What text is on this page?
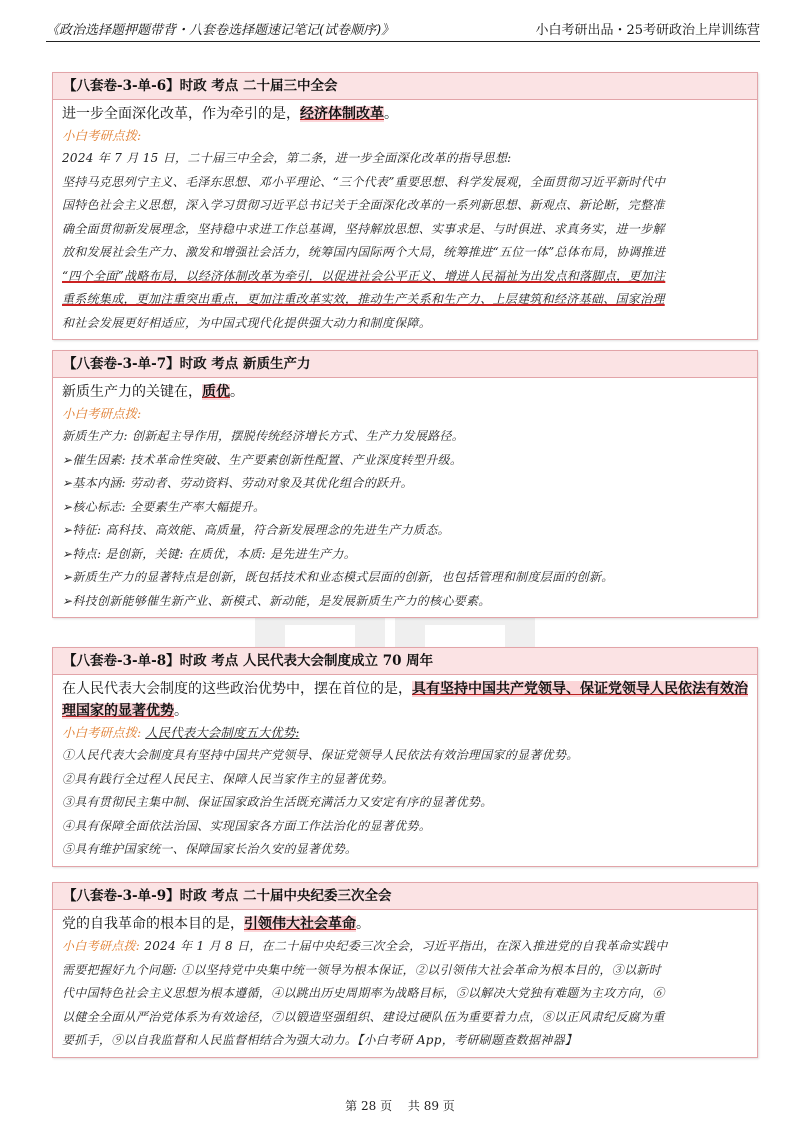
《政治选择题押题带背・八套卷选择题速记笔记(试卷顺序)》	小白考研出品・25考研政治上岸训练营
【八套卷-3-单-6】时政 考点 二十届三中全会
进一步全面深化改革，作为牵引的是，经济体制改革。
小白考研点拨:
2024 年 7 月 15 日，二十届三中全会，第二条，进一步全面深化改革的指导思想:
坚持马克思列宁主义、毛泽东思想、邓小平理论、“三个代表”重要思想、科学发展观，全面贯彻习近平新时代中
国特色社会主义思想，深入学习贯彻习近平总书记关于全面深化改革的一系列新思想、新观点、新论断，完整准
确全面贯彻新发展理念，坚持稳中求进工作总基调，坚持解放思想、实事求是、与时俱进、求真务实，进一步解
放和发展社会生产力、激发和增强社会活力，统筹国内国际两个大局，统筹推进“五位一体”总体布局，协调推进
“四个全面”战略布局，以经济体制改革为牵引，以促进社会公平正义、增进人民福祉为出发点和落脚点，更加注
重系统集成，更加注重突出重点，更加注重改革实效，推动生产关系和生产力、上层建筑和经济基础、国家治理
和社会发展更好相适应，为中国式现代化提供强大动力和制度保障。
【八套卷-3-单-7】时政 考点 新质生产力
新质生产力的关键在，质优。
小白考研点拨:
新质生产力: 创新起主导作用，摆脱传统经济增长方式、生产力发展路径。
➢催生因素: 技术革命性突破、生产要素创新性配置、产业深度转型升级。
➢基本内涵: 劳动者、劳动资料、劳动对象及其优化组合的跃升。
➢核心标志: 全要素生产率大幅提升。
➢特征: 高科技、高效能、高质量，符合新发展理念的先进生产力质态。
➢特点: 是创新，关键: 在质优，本质: 是先进生产力。
➢新质生产力的显著特点是创新，既包括技术和业态模式层面的创新，也包括管理和制度层面的创新。
➢科技创新能够催生新产业、新模式、新动能，是发展新质生产力的核心要素。
【八套卷-3-单-8】时政 考点 人民代表大会制度成立 70 周年
在人民代表大会制度的这些政治优势中，摆在首位的是，具有坚持中国共产党领导、保证党领导人民依法有效治
理国家的显著优势。
小白考研点拨: 人民代表大会制度五大优势:
①人民代表大会制度具有坚持中国共产党领导、保证党领导人民依法有效治理国家的显著优势。
②具有践行全过程人民民主、保障人民当家作主的显著优势。
③具有贯彻民主集中制、保证国家政治生活既充满活力又安定有序的显著优势。
④具有保障全面依法治国、实现国家各方面工作法治化的显著优势。
⑤具有维护国家统一、保障国家长治久安的显著优势。
【八套卷-3-单-9】时政 考点 二十届中央纪委三次全会
党的自我革命的根本目的是，引领伟大社会革命。
小白考研点拨: 2024 年 1 月 8 日，在二十届中央纪委三次全会，习近平指出，在深入推进党的自我革命实践中
需要把握好九个问题: ①以坚持党中央集中统一领导为根本保证，②以引领伟大社会革命为根本目的，③以新时
代中国特色社会主义思想为根本遵循，④以跳出历史周期率为战略目标，⑤以解决大党独有难题为主攻方向，⑥
以健全全面从严治党体系为有效途径，⑦以锻造坚强组织、建设过硬队伍为重要着力点，⑧以正风肃纪反腐为重
要抓手，⑨以自我监督和人民监督相结合为强大动力。【小白考研 App，考研刷题查数据神器】
第 28 页 共 89 页
